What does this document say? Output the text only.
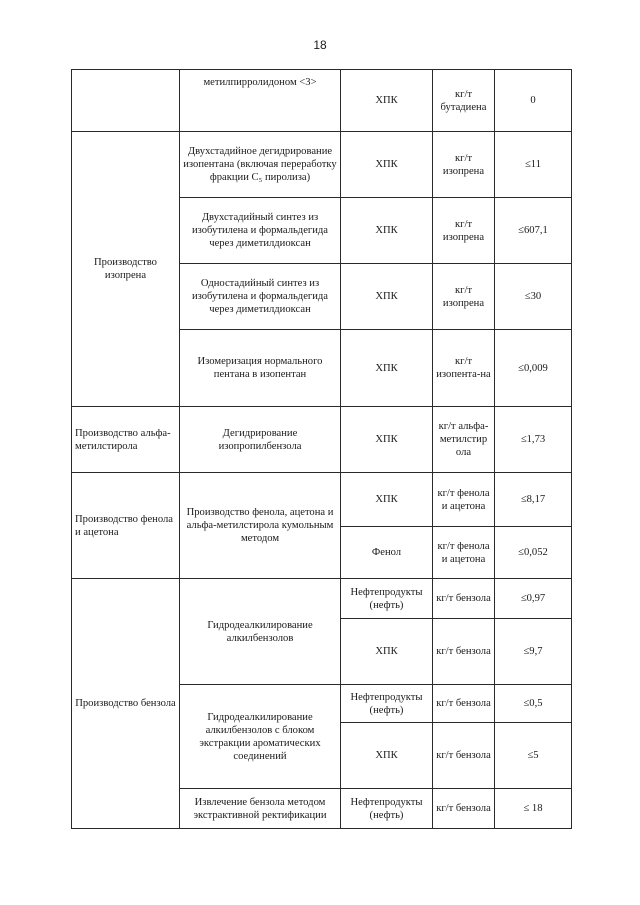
18
	метилпирролидоном <3>	ХПК	кг/т бутадиена	0
Производство изопрена	Двухстадийное дегидрирование изопентана (включая переработку фракции C₅ пиролиза)	ХПК	кг/т изопрена	≤11
	Двухстадийный синтез из изобутилена и формальдегида через диметилдиоксан	ХПК	кг/т изопрена	≤607,1
	Одностадийный синтез из изобутилена и формальдегида через диметилдиоксан	ХПК	кг/т изопрена	≤30
	Изомеризация нормального пентана в изопентан	ХПК	кг/т изопента-на	≤0,009
Производство альфа-метилстирола	Дегидрирование изопропилбензола	ХПК	кг/т альфа-метилстир ола	≤1,73
Производство фенола и ацетона	Производство фенола, ацетона и альфа-метилстирола кумольным методом	ХПК	кг/т фенола и ацетона	≤8,17
		Фенол	кг/т фенола и ацетона	≤0,052
Производство бензола	Гидродеалкилирование алкилбензолов	Нефтепродукты (нефть)	кг/т бензола	≤0,97
		ХПК	кг/т бензола	≤9,7
	Гидродеалкилирование алкилбензолов с блоком экстракции ароматических соединений	Нефтепродукты (нефть)	кг/т бензола	≤0,5
		ХПК	кг/т бензола	≤5
	Извлечение бензола методом экстрактивной ректификации	Нефтепродукты (нефть)	кг/т бензола	≤ 18
